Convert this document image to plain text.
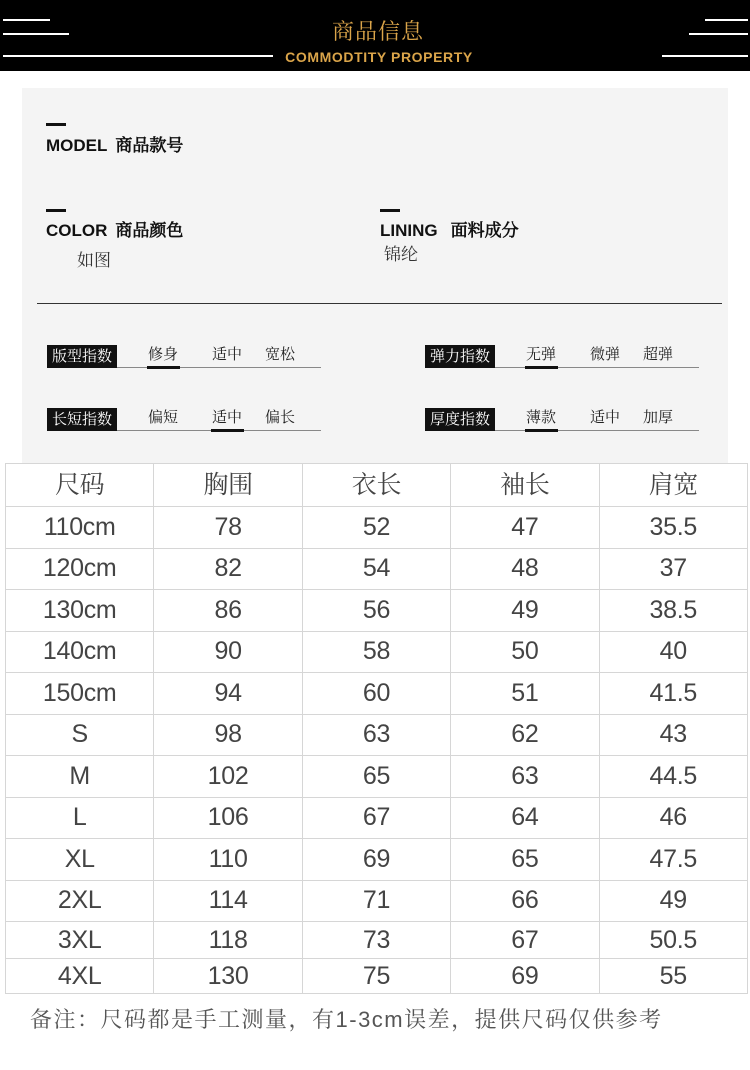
商品信息
COMMODTITY PROPERTY
MODEL 商品款号
COLOR 商品颜色
如图
LINING 面料成分
锦纶
版型指数	修身 适中 宽松	弹力指数	无弹 微弹 超弹
长短指数	偏短 适中 偏长	厚度指数	薄款 适中 加厚
尺码	胸围	衣长	袖长	肩宽
110cm	78	52	47	35.5
120cm	82	54	48	37
130cm	86	56	49	38.5
140cm	90	58	50	40
150cm	94	60	51	41.5
S	98	63	62	43
M	102	65	63	44.5
L	106	67	64	46
XL	110	69	65	47.5
2XL	114	71	66	49
3XL	118	73	67	50.5
4XL	130	75	69	55
备注：尺码都是手工测量，有1-3cm误差，提供尺码仅供参考
